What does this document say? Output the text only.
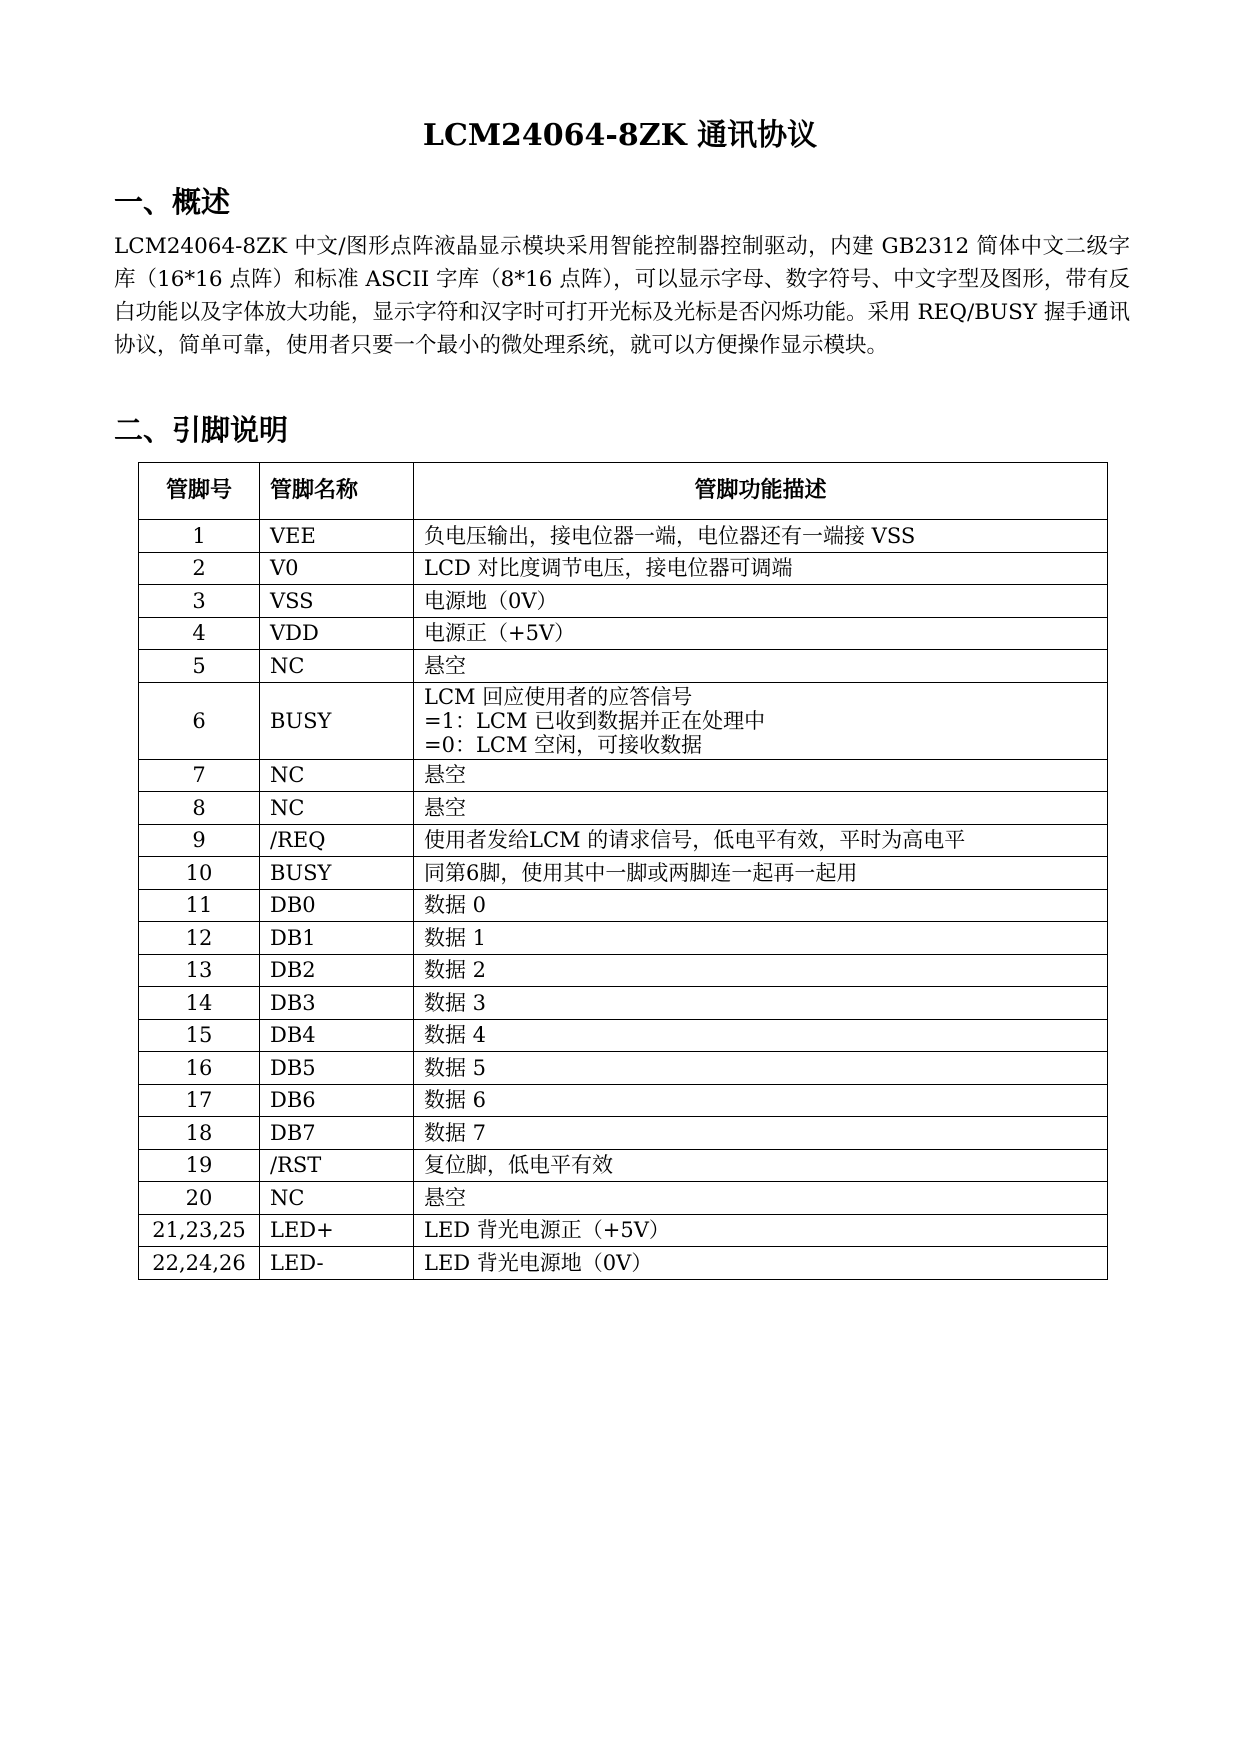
LCM24064-8ZK 通讯协议
一、概述

LCM24064-8ZK 中文/图形点阵液晶显示模块采用智能控制器控制驱动，内建 GB2312 简体中文二级字库（16*16 点阵）和标准 ASCII 字库（8*16 点阵），可以显示字母、数字符号、中文字型及图形，带有反白功能以及字体放大功能，显示字符和汉字时可打开光标及光标是否闪烁功能。采用 REQ/BUSY 握手通讯协议，简单可靠，使用者只要一个最小的微处理系统，就可以方便操作显示模块。

二、引脚说明
管脚号	管脚名称	管脚功能描述
1	VEE	负电压输出，接电位器一端，电位器还有一端接 VSS

2	V0	LCD 对比度调节电压，接电位器可调端

3	VSS	电源地（0V）

4	VDD	电源正（+5V）

5	NC	悬空

6	BUSY	LCM 回应使用者的应答信号
=1：LCM 已收到数据并正在处理中
=0：LCM 空闲，可接收数据

7	NC	悬空

8	NC	悬空

9	/REQ	使用者发给LCM 的请求信号，低电平有效，平时为高电平

10	BUSY	同第6脚，使用其中一脚或两脚连一起再一起用

11	DB0	数据 0

12	DB1	数据 1

13	DB2	数据 2

14	DB3	数据 3

15	DB4	数据 4

16	DB5	数据 5

17	DB6	数据 6

18	DB7	数据 7

19	/RST	复位脚，低电平有效

20	NC	悬空

21,23,25	LED+	LED 背光电源正（+5V）

22,24,26	LED-	LED 背光电源地（0V）
